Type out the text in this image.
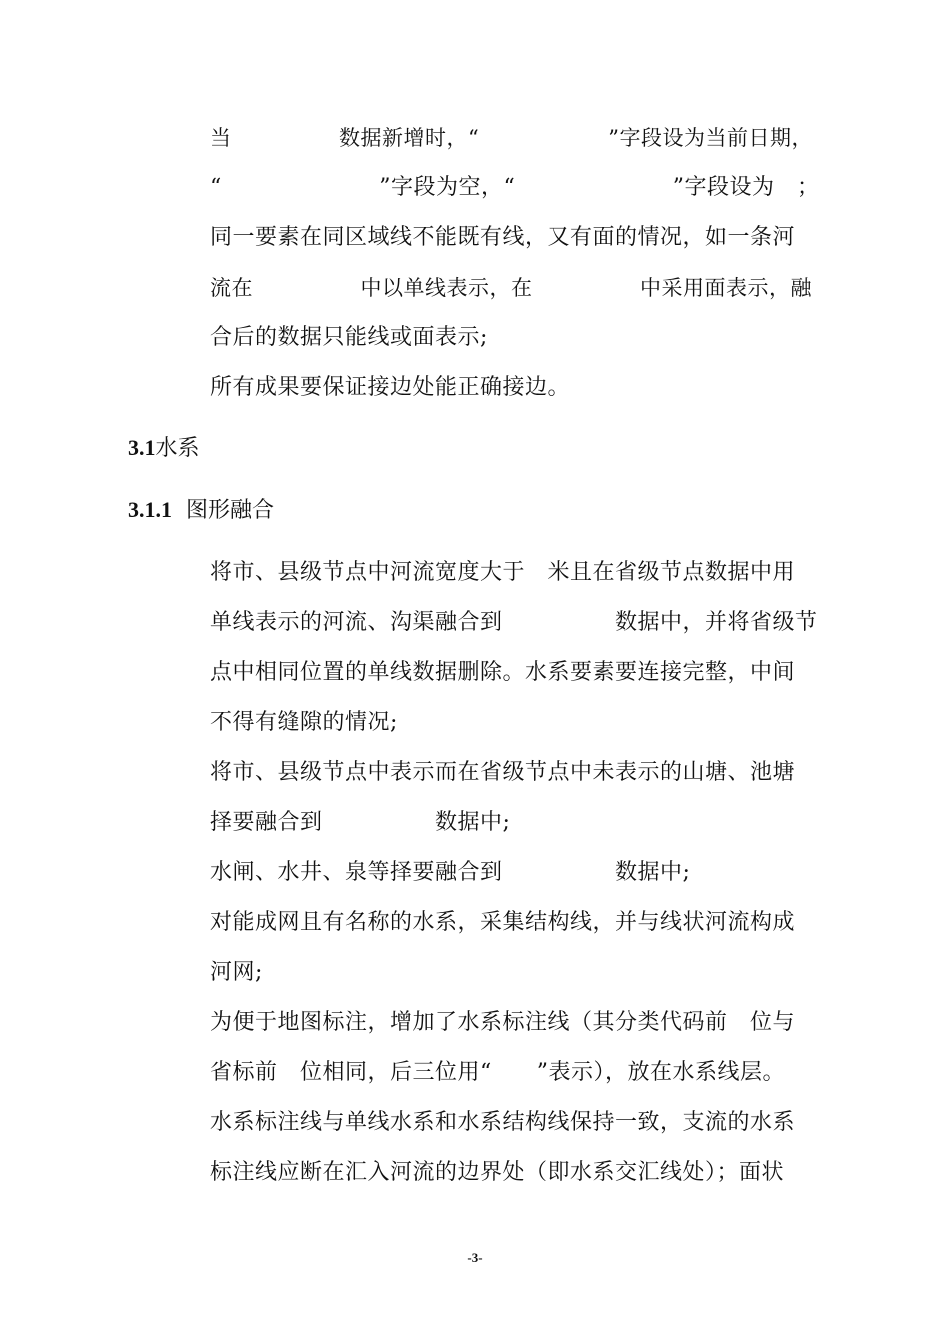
当　　　　　数据新增时，“　　　　　　”字段设为当前日期，
“　　　　　　　”字段为空，“　　　　　　　”字段设为　；
同一要素在同区域线不能既有线，又有面的情况，如一条河
流在　　　　　中以单线表示，在　　　　　中采用面表示，融
合后的数据只能线或面表示;
所有成果要保证接边处能正确接边。
3.1水系
3.1.1 图形融合
将市、县级节点中河流宽度大于　米且在省级节点数据中用
单线表示的河流、沟渠融合到　　　　　数据中，并将省级节
点中相同位置的单线数据删除。水系要素要连接完整，中间
不得有缝隙的情况;
将市、县级节点中表示而在省级节点中未表示的山塘、池塘
择要融合到　　　　　数据中;
水闸、水井、泉等择要融合到　　　　　数据中;
对能成网且有名称的水系，采集结构线，并与线状河流构成
河网;
为便于地图标注，增加了水系标注线（其分类代码前　位与
省标前　位相同，后三位用“　　”表示），放在水系线层。
水系标注线与单线水系和水系结构线保持一致，支流的水系
标注线应断在汇入河流的边界处（即水系交汇线处）；面状
-3-
